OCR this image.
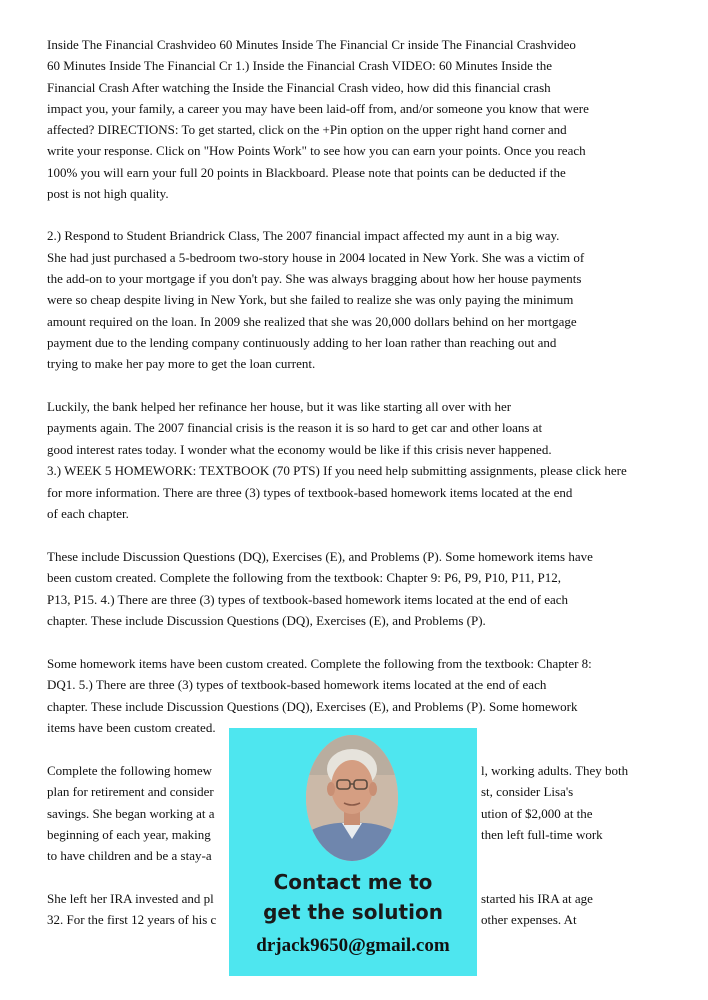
Inside The Financial Crashvideo 60 Minutes Inside The Financial Cr inside The Financial Crashvideo
60 Minutes Inside The Financial Cr 1.) Inside the Financial Crash VIDEO: 60 Minutes Inside the
Financial Crash After watching the Inside the Financial Crash video, how did this financial crash
impact you, your family, a career you may have been laid-off from, and/or someone you know that were
affected? DIRECTIONS: To get started, click on the +Pin option on the upper right hand corner and
write your response. Click on "How Points Work" to see how you can earn your points. Once you reach
100% you will earn your full 20 points in Blackboard. Please note that points can be deducted if the
post is not high quality.
2.) Respond to Student Briandrick Class, The 2007 financial impact affected my aunt in a big way.
She had just purchased a 5-bedroom two-story house in 2004 located in New York. She was a victim of
the add-on to your mortgage if you don't pay. She was always bragging about how her house payments
were so cheap despite living in New York, but she failed to realize she was only paying the minimum
amount required on the loan. In 2009 she realized that she was 20,000 dollars behind on her mortgage
payment due to the lending company continuously adding to her loan rather than reaching out and
trying to make her pay more to get the loan current.
Luckily, the bank helped her refinance her house, but it was like starting all over with her
payments again. The 2007 financial crisis is the reason it is so hard to get car and other loans at
good interest rates today. I wonder what the economy would be like if this crisis never happened.
3.) WEEK 5 HOMEWORK: TEXTBOOK (70 PTS) If you need help submitting assignments, please click here
for more information. There are three (3) types of textbook-based homework items located at the end
of each chapter.
These include Discussion Questions (DQ), Exercises (E), and Problems (P). Some homework items have
been custom created. Complete the following from the textbook: Chapter 9: P6, P9, P10, P11, P12,
P13, P15. 4.) There are three (3) types of textbook-based homework items located at the end of each
chapter. These include Discussion Questions (DQ), Exercises (E), and Problems (P).
Some homework items have been custom created. Complete the following from the textbook: Chapter 8:
DQ1. 5.) There are three (3) types of textbook-based homework items located at the end of each
chapter. These include Discussion Questions (DQ), Exercises (E), and Problems (P). Some homework
items have been custom created.
Complete the following homew	l, working adults. They both
plan for retirement and consider	st, consider Lisa's
savings. She began working at a	ution of $2,000 at the
beginning of each year, making	then left full-time work
to have children and be a stay-a
She left her IRA invested and pl	started his IRA at age
32. For the first 12 years of his c	other expenses. At
Contact me to
get the solution
drjack9650@gmail.com
